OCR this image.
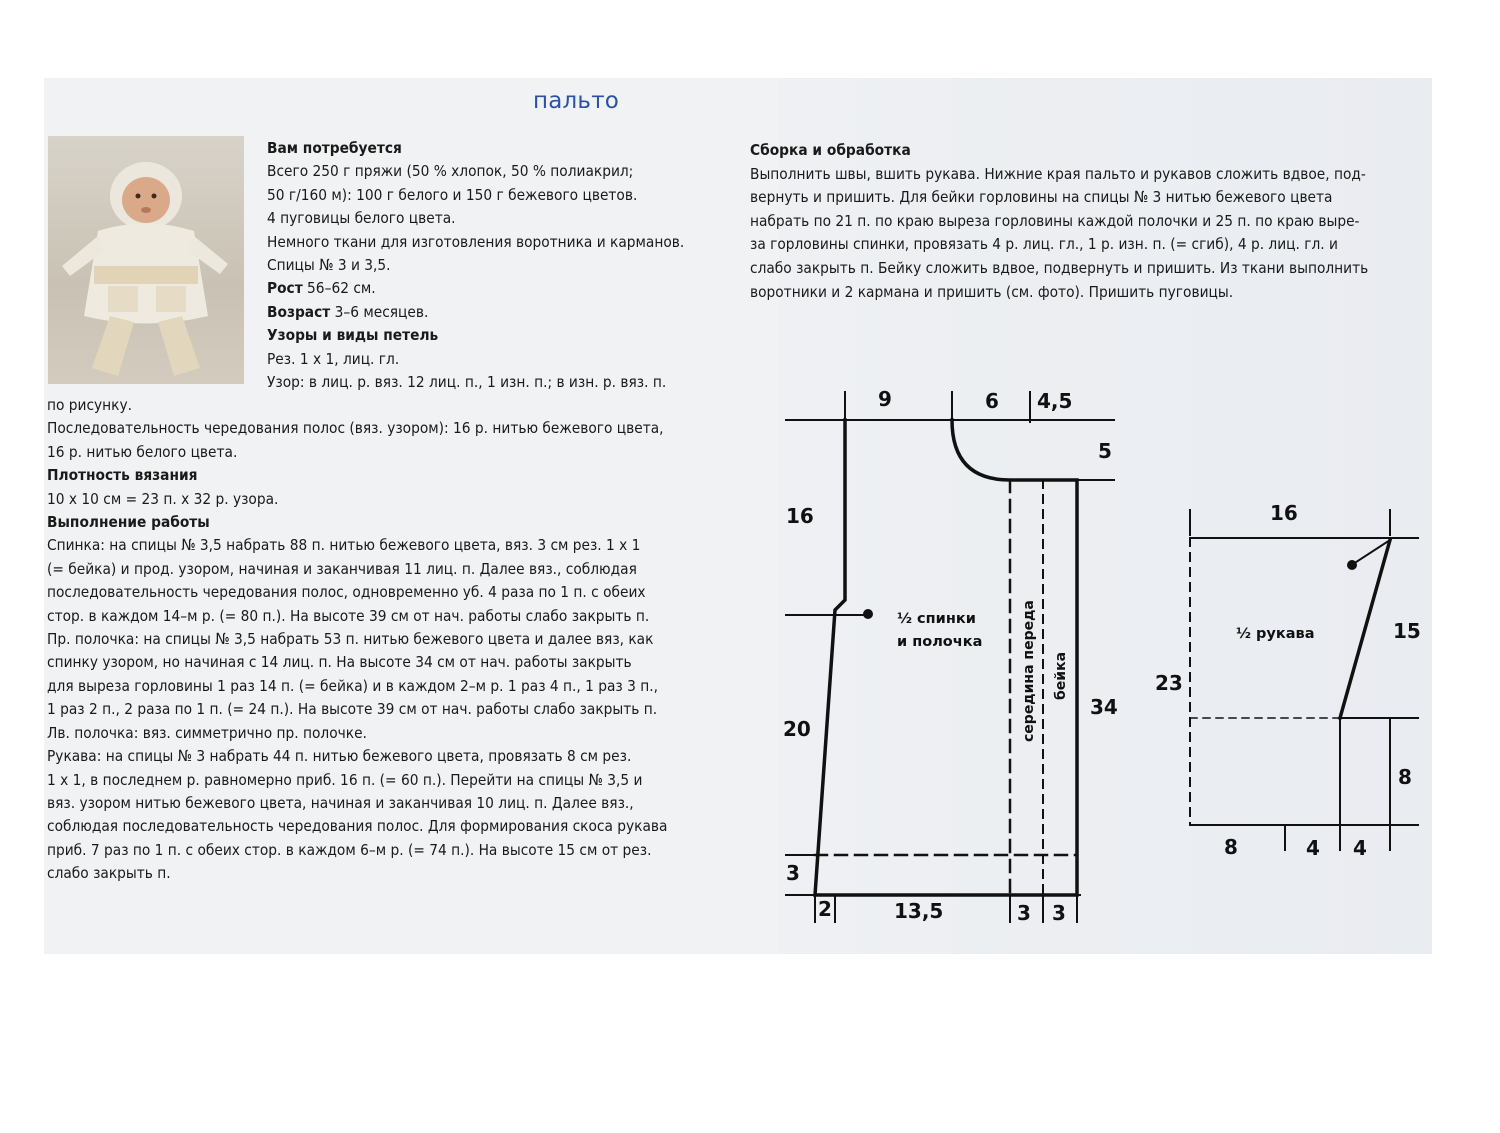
пальто
Вам потребуется
Всего 250 г пряжи (50 % хлопок, 50 % полиакрил;
50 г/160 м): 100 г белого и 150 г бежевого цветов.
4 пуговицы белого цвета.
Немного ткани для изготовления воротника и карманов.
Спицы № 3 и 3,5.
Рост 56–62 см.
Возраст 3–6 месяцев.
Узоры и виды петель
Рез. 1 х 1, лиц. гл.
Узор: в лиц. р. вяз. 12 лиц. п., 1 изн. п.; в изн. р. вяз. п.
по рисунку.
Последовательность чередования полос (вяз. узором): 16 р. нитью бежевого цвета,
16 р. нитью белого цвета.
Плотность вязания
10 х 10 см = 23 п. х 32 р. узора.
Выполнение работы
Спинка: на спицы № 3,5 набрать 88 п. нитью бежевого цвета, вяз. 3 см рез. 1 х 1
(= бейка) и прод. узором, начиная и заканчивая 11 лиц. п. Далее вяз., соблюдая
последовательность чередования полос, одновременно уб. 4 раза по 1 п. с обеих
стор. в каждом 14–м р. (= 80 п.). На высоте 39 см от нач. работы слабо закрыть п.
Пр. полочка: на спицы № 3,5 набрать 53 п. нитью бежевого цвета и далее вяз, как
спинку узором, но начиная с 14 лиц. п. На высоте 34 см от нач. работы закрыть
для выреза горловины 1 раз 14 п. (= бейка) и в каждом 2–м р. 1 раз 4 п., 1 раз 3 п.,
1 раз 2 п., 2 раза по 1 п. (= 24 п.). На высоте 39 см от нач. работы слабо закрыть п.
Лв. полочка: вяз. симметрично пр. полочке.
Рукава: на спицы № 3 набрать 44 п. нитью бежевого цвета, провязать 8 см рез.
1 х 1, в последнем р. равномерно приб. 16 п. (= 60 п.). Перейти на спицы № 3,5 и
вяз. узором нитью бежевого цвета, начиная и заканчивая 10 лиц. п. Далее вяз.,
соблюдая последовательность чередования полос. Для формирования скоса рукава
приб. 7 раз по 1 п. с обеих стор. в каждом 6–м р. (= 74 п.). На высоте 15 см от рез.
слабо закрыть п.
Сборка и обработка
Выполнить швы, вшить рукава. Нижние края пальто и рукавов сложить вдвое, под-
вернуть и пришить. Для бейки горловины на спицы № 3 нитью бежевого цвета
набрать по 21 п. по краю выреза горловины каждой полочки и 25 п. по краю выре-
за горловины спинки, провязать 4 р. лиц. гл., 1 р. изн. п. (= сгиб), 4 р. лиц. гл. и
слабо закрыть п. Бейку сложить вдвое, подвернуть и пришить. Из ткани выполнить
воротники и 2 кармана и пришить (см. фото). Пришить пуговицы.
9	6 4,5
5
16
½ спинки
и полочка	середина переда бейка
34
20
3
2	13,5	3 3
16
½ рукава	15
23
8
8	4 4
